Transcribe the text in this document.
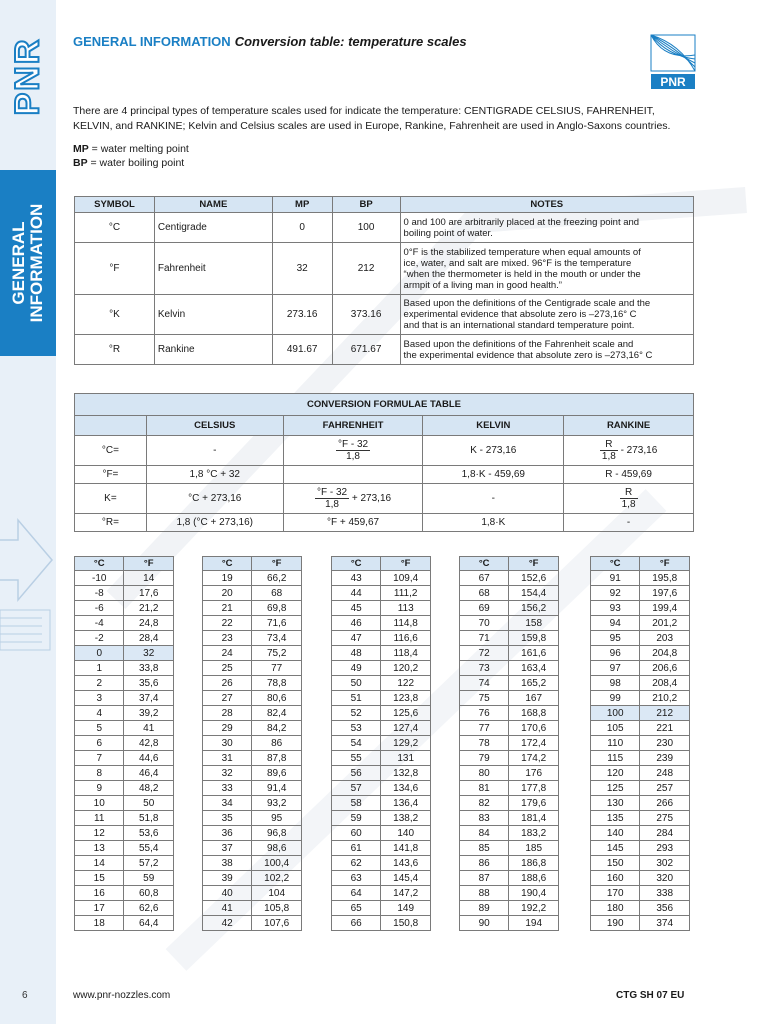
PNR
GENERAL INFORMATION
6
GENERAL INFORMATION Conversion table: temperature scales
PNR

There are 4 principal types of temperature scales used for indicate the temperature: CENTIGRADE CELSIUS, FAHRENHEIT, KELVIN, and RANKINE; Kelvin and Celsius scales are used in Europe, Rankine, Fahrenheit are used in Anglo-Saxons countries.

MP = water melting point
BP = water boiling point
SYMBOL	NAME	MP	BP	NOTES
°C	Centigrade	0	100	0 and 100 are arbitrarily placed at the freezing point and
boiling point of water.

°F	Fahrenheit	32	212	0°F is the stabilized temperature when equal amounts of
ice, water, and salt are mixed. 96°F is the temperature
“when the thermometer is held in the mouth or under the
armpit of a living man in good health.”

°K	Kelvin	273.16	373.16	Based upon the definitions of the Centigrade scale and the
experimental evidence that absolute zero is –273,16° C
and that is an international standard temperature point.

°R	Rankine	491.67	671.67	Based upon the definitions of the Fahrenheit scale and
the experimental evidence that absolute zero is –273,16° C
CONVERSION FORMULAE TABLE				
	CELSIUS	FAHRENHEIT	KELVIN	RANKINE
°C=	-	$\frac{^\circ F - 32}{1,8}$	K - 273,16	$\frac{R}{1,8} - 273,16$
°F=	1,8 °C + 32		1,8·K - 459,69	R - 459,69
K=	°C + 273,16	$\frac{^\circ F - 32}{1,8} + 273,16$	-	$\frac{R}{1,8}$

°R=	1,8 (°C + 273,16)	°F + 459,67	1,8·K	-
°C	°F
-10	14
-8	17,6
-6	21,2
-4	24,8
-2	28,4
0	32
1	33,8
2	35,6
3	37,4
4	39,2
5	41
6	42,8
7	44,6
8	46,4
9	48,2
10	50
11	51,8
12	53,6
13	55,4
14	57,2
15	59
16	60,8
17	62,6
18	64,4
°C	°F
19	66,2
20	68
21	69,8
22	71,6
23	73,4
24	75,2
25	77
26	78,8
27	80,6
28	82,4
29	84,2
30	86
31	87,8
32	89,6
33	91,4
34	93,2
35	95
36	96,8
37	98,6
38	100,4
39	102,2
40	104
41	105,8
42	107,6
°C	°F
43	109,4
44	111,2
45	113
46	114,8
47	116,6
48	118,4
49	120,2
50	122
51	123,8
52	125,6
53	127,4
54	129,2
55	131
56	132,8
57	134,6
58	136,4
59	138,2
60	140
61	141,8
62	143,6
63	145,4
64	147,2
65	149
66	150,8
°C	°F
67	152,6
68	154,4
69	156,2
70	158
71	159,8
72	161,6
73	163,4
74	165,2
75	167
76	168,8
77	170,6
78	172,4
79	174,2
80	176
81	177,8
82	179,6
83	181,4
84	183,2
85	185
86	186,8
87	188,6
88	190,4
89	192,2
90	194
°C	°F
91	195,8
92	197,6
93	199,4
94	201,2
95	203
96	204,8
97	206,6
98	208,4
99	210,2
100	212
105	221
110	230
115	239
120	248
125	257
130	266
135	275
140	284
145	293
150	302
160	320
170	338
180	356
190	374
www.pnr-nozzles.com	CTG SH 07 EU
